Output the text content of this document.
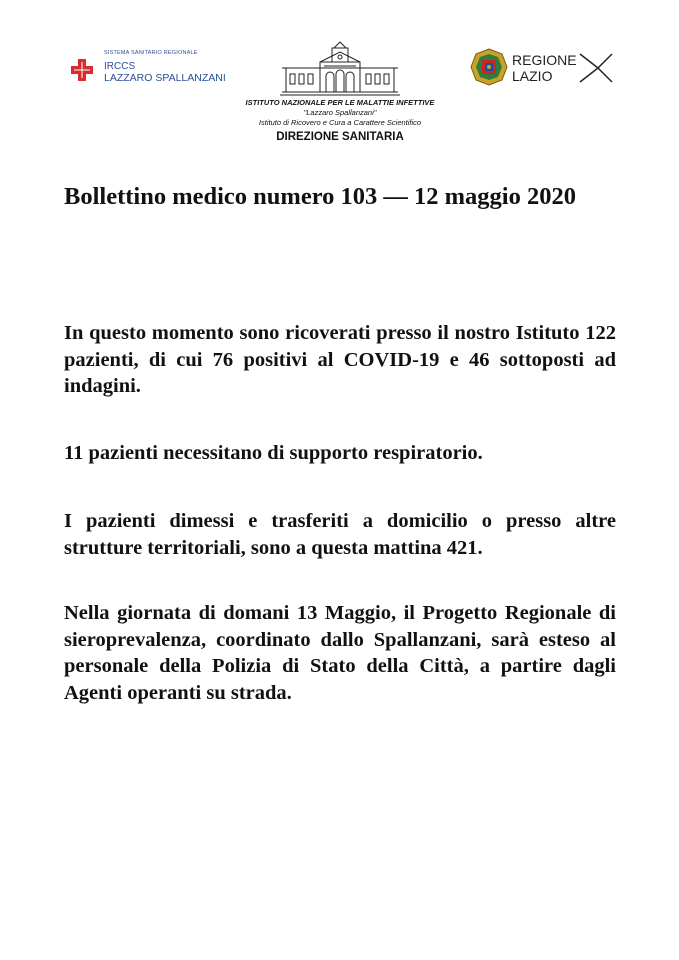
SISTEMA SANITARIO REGIONALE
IRCCS
LAZZARO SPALLANZANI
ISTITUTO NAZIONALE PER LE MALATTIE INFETTIVE
"Lazzaro Spallanzani"
Istituto di Ricovero e Cura a Carattere Scientifico
DIREZIONE SANITARIA
REGIONE
LAZIO
Bollettino medico numero 103 — 12 maggio 2020

In questo momento sono ricoverati presso il nostro Istituto 122 pazienti, di cui 76 positivi al COVID-19 e 46 sottoposti ad indagini.

11 pazienti necessitano di supporto respiratorio.

I pazienti dimessi e trasferiti a domicilio o presso altre strutture territoriali, sono a questa mattina 421.

Nella giornata di domani 13 Maggio, il Progetto Regionale di sieroprevalenza, coordinato dallo Spallanzani, sarà esteso al personale della Polizia di Stato della Città, a partire dagli Agenti operanti su strada.
